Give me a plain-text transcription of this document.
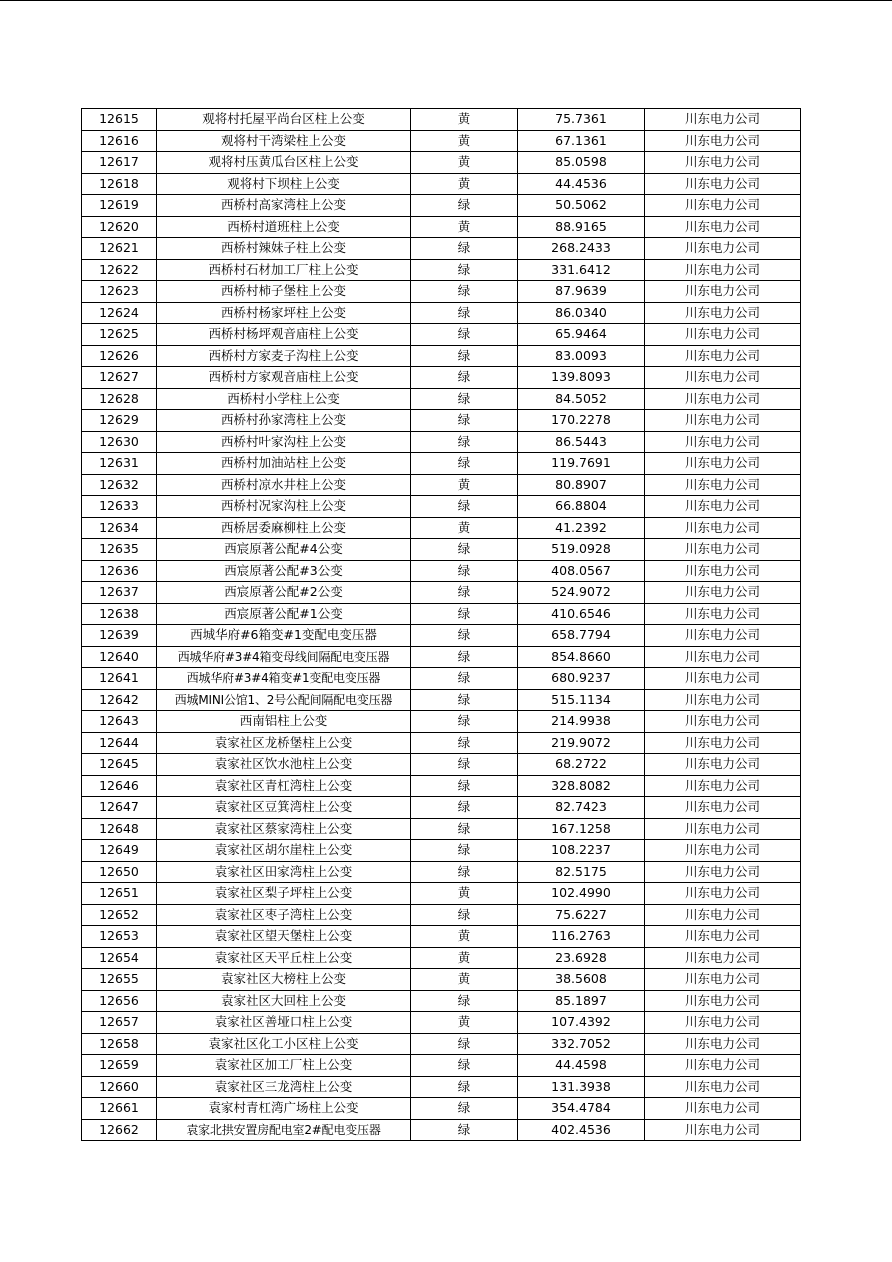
12615	观将村托屋平尚台区柱上公变	黄	75.7361	川东电力公司
12616	观将村干湾梁柱上公变	黄	67.1361	川东电力公司
12617	观将村压黄瓜台区柱上公变	黄	85.0598	川东电力公司
12618	观将村下坝柱上公变	黄	44.4536	川东电力公司
12619	西桥村高家湾柱上公变	绿	50.5062	川东电力公司
12620	西桥村道班柱上公变	黄	88.9165	川东电力公司
12621	西桥村辣妹子柱上公变	绿	268.2433	川东电力公司
12622	西桥村石材加工厂柱上公变	绿	331.6412	川东电力公司
12623	西桥村柿子堡柱上公变	绿	87.9639	川东电力公司
12624	西桥村杨家坪柱上公变	绿	86.0340	川东电力公司
12625	西桥村杨坪观音庙柱上公变	绿	65.9464	川东电力公司
12626	西桥村方家麦子沟柱上公变	绿	83.0093	川东电力公司
12627	西桥村方家观音庙柱上公变	绿	139.8093	川东电力公司
12628	西桥村小学柱上公变	绿	84.5052	川东电力公司
12629	西桥村孙家湾柱上公变	绿	170.2278	川东电力公司
12630	西桥村叶家沟柱上公变	绿	86.5443	川东电力公司
12631	西桥村加油站柱上公变	绿	119.7691	川东电力公司
12632	西桥村凉水井柱上公变	黄	80.8907	川东电力公司
12633	西桥村况家沟柱上公变	绿	66.8804	川东电力公司
12634	西桥居委麻柳柱上公变	黄	41.2392	川东电力公司
12635	西宸原著公配#4公变	绿	519.0928	川东电力公司
12636	西宸原著公配#3公变	绿	408.0567	川东电力公司
12637	西宸原著公配#2公变	绿	524.9072	川东电力公司
12638	西宸原著公配#1公变	绿	410.6546	川东电力公司
12639	西城华府#6箱变#1变配电变压器	绿	658.7794	川东电力公司
12640	西城华府#3#4箱变母线间隔配电变压器	绿	854.8660	川东电力公司
12641	西城华府#3#4箱变#1变配电变压器	绿	680.9237	川东电力公司
12642	西城MINI公馆1、2号公配间隔配电变压器	绿	515.1134	川东电力公司
12643	西南铝柱上公变	绿	214.9938	川东电力公司
12644	袁家社区龙桥堡柱上公变	绿	219.9072	川东电力公司
12645	袁家社区饮水池柱上公变	绿	68.2722	川东电力公司
12646	袁家社区青杠湾柱上公变	绿	328.8082	川东电力公司
12647	袁家社区豆箕湾柱上公变	绿	82.7423	川东电力公司
12648	袁家社区蔡家湾柱上公变	绿	167.1258	川东电力公司
12649	袁家社区胡尔崖柱上公变	绿	108.2237	川东电力公司
12650	袁家社区田家湾柱上公变	绿	82.5175	川东电力公司
12651	袁家社区梨子坪柱上公变	黄	102.4990	川东电力公司
12652	袁家社区枣子湾柱上公变	绿	75.6227	川东电力公司
12653	袁家社区望天堡柱上公变	黄	116.2763	川东电力公司
12654	袁家社区天平丘柱上公变	黄	23.6928	川东电力公司
12655	袁家社区大榜柱上公变	黄	38.5608	川东电力公司
12656	袁家社区大回柱上公变	绿	85.1897	川东电力公司
12657	袁家社区善垭口柱上公变	黄	107.4392	川东电力公司
12658	袁家社区化工小区柱上公变	绿	332.7052	川东电力公司
12659	袁家社区加工厂柱上公变	绿	44.4598	川东电力公司
12660	袁家社区三龙湾柱上公变	绿	131.3938	川东电力公司
12661	袁家村青杠湾广场柱上公变	绿	354.4784	川东电力公司
12662	袁家北拱安置房配电室2#配电变压器	绿	402.4536	川东电力公司
